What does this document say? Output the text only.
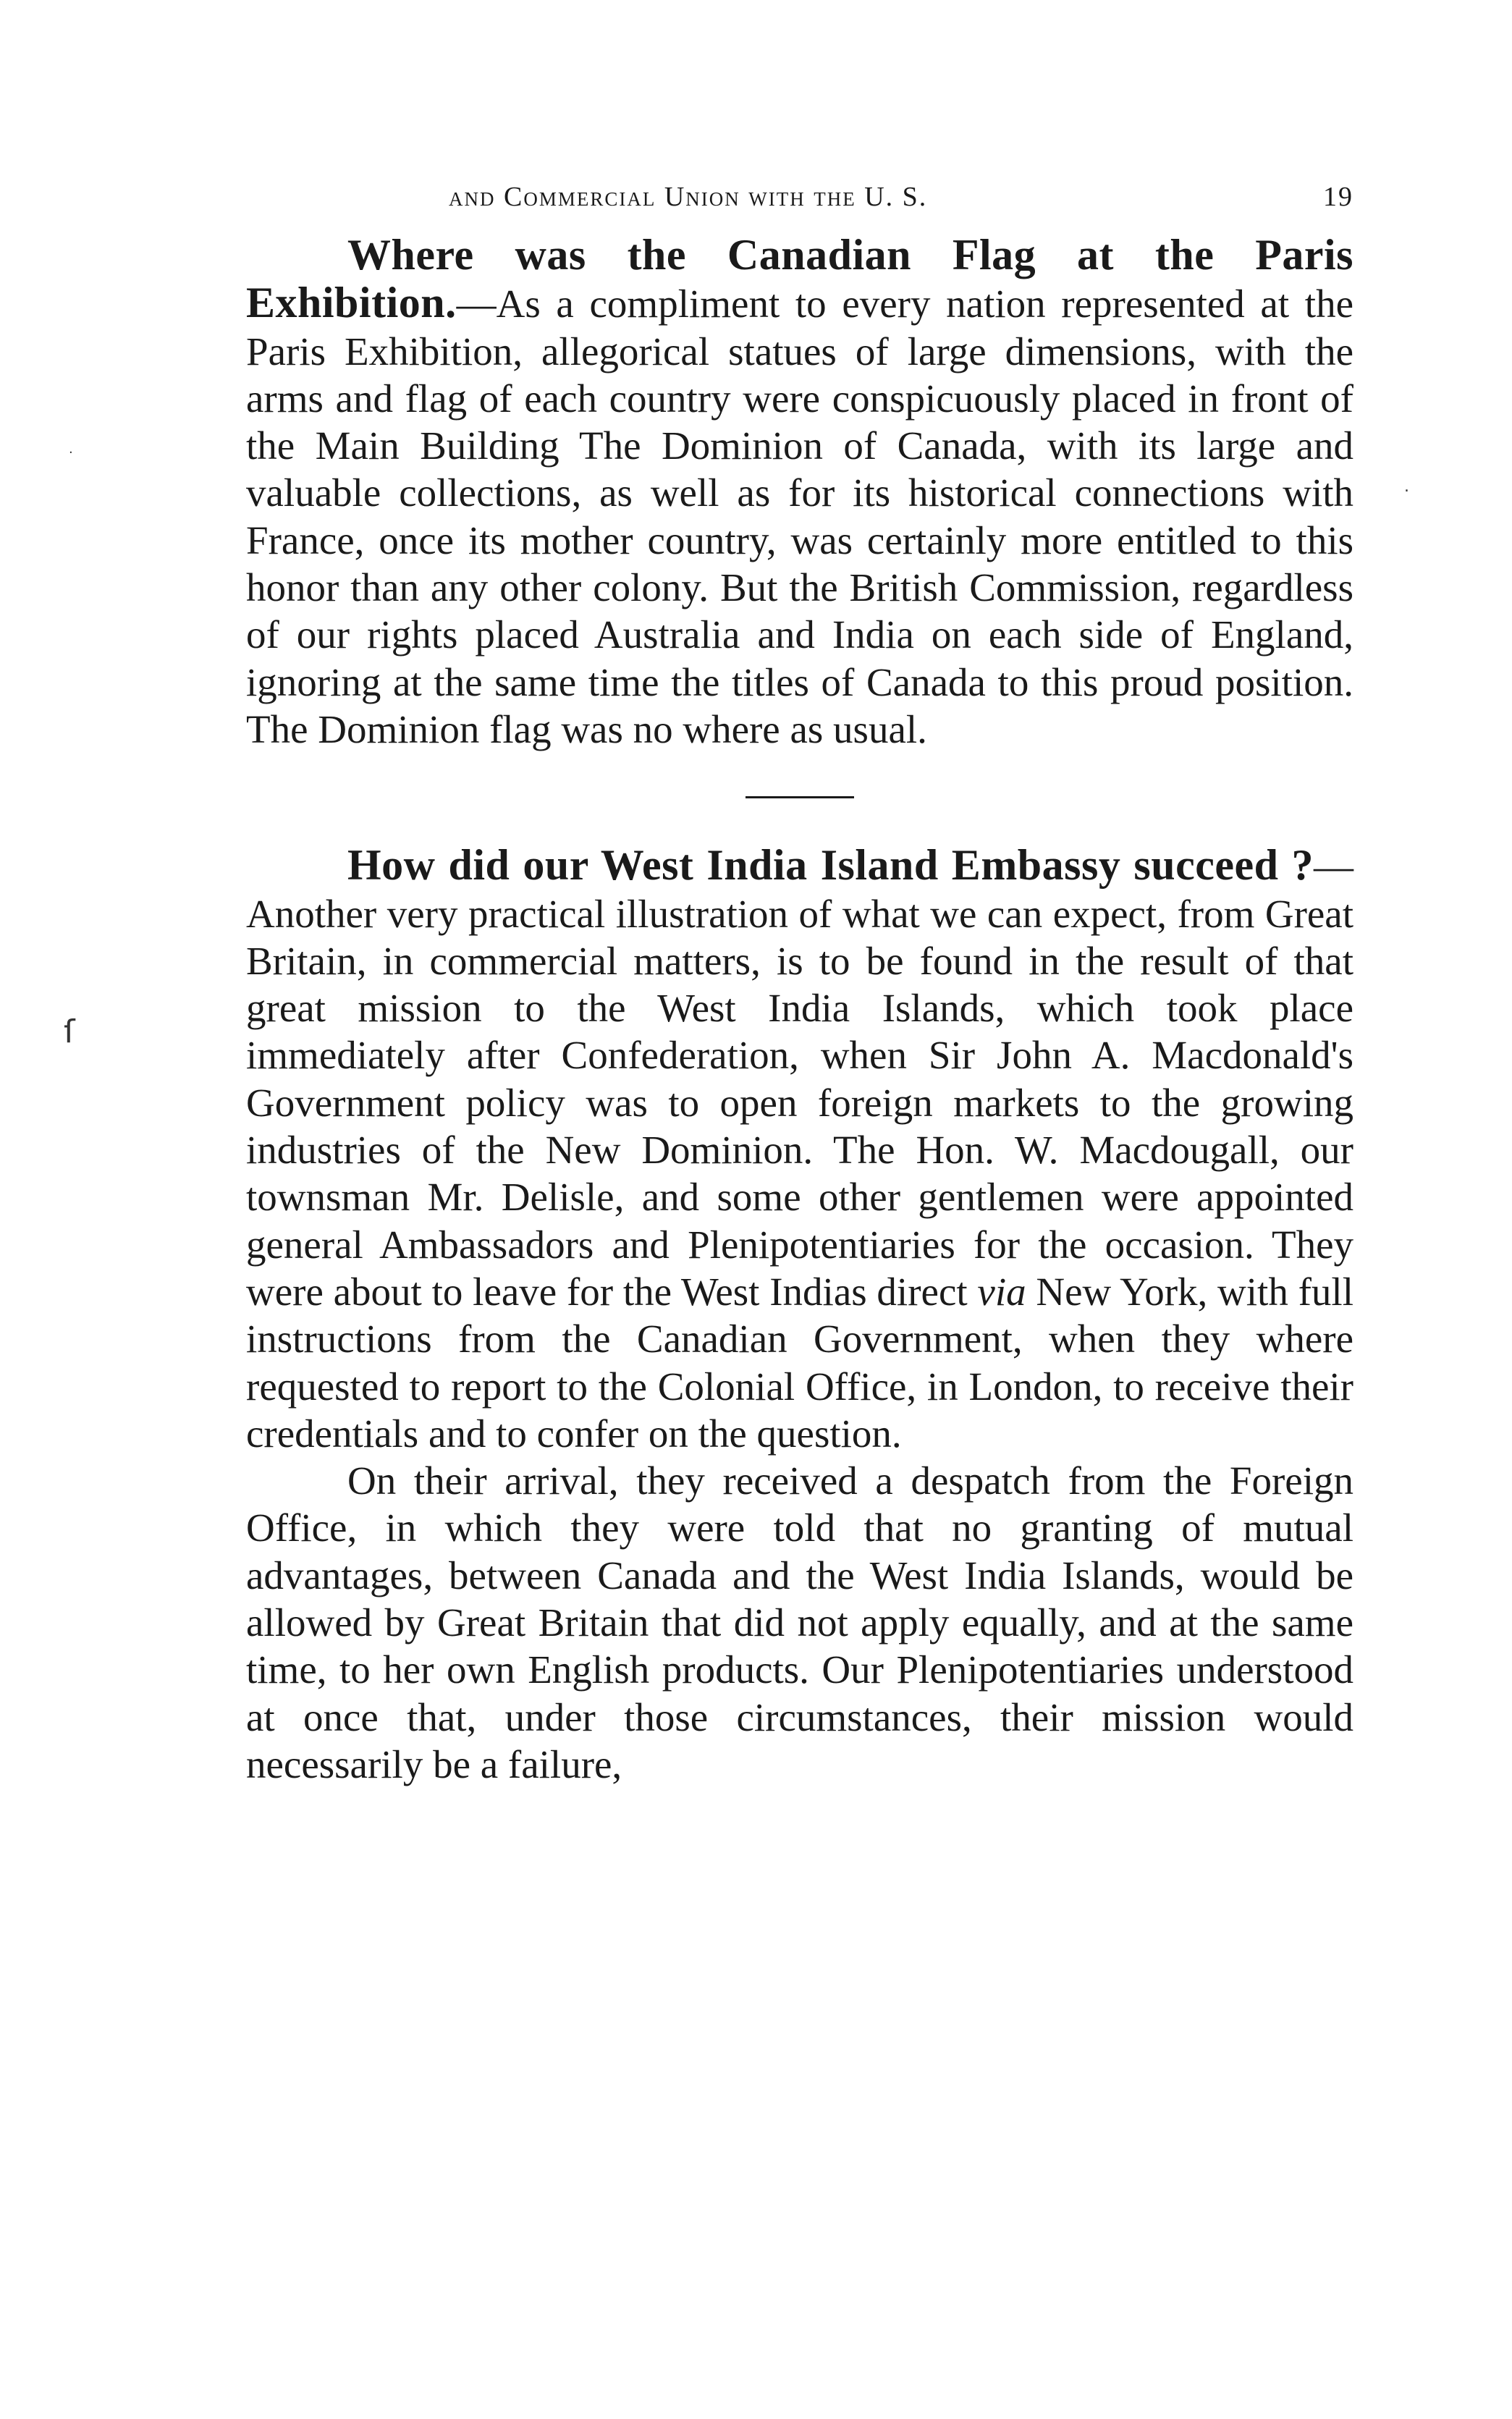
and Commercial Union with the U. S.	19

Where was the Canadian Flag at the Paris Exhibition.—As a compliment to every nation represented at the Paris Exhibition, allegorical statues of large dimensions, with the arms and flag of each country were conspicuously placed in front of the Main Building The Dominion of Canada, with its large and valuable collections, as well as for its historical connections with France, once its mother country, was certainly more entitled to this honor than any other colony. But the British Commission, regardless of our rights placed Australia and India on each side of England, ignoring at the same time the titles of Canada to this proud position. The Dominion flag was no where as usual.

How did our West India Island Embassy succeed ?—Another very practical illustration of what we can expect, from Great Britain, in commercial matters, is to be found in the result of that great mission to the West India Islands, which took place immediately after Confederation, when Sir John A. Macdonald's Government policy was to open foreign markets to the growing industries of the New Dominion. The Hon. W. Macdougall, our townsman Mr. Delisle, and some other gentlemen were appointed general Ambassadors and Plenipotentiaries for the occasion. They were about to leave for the West Indias direct via New York, with full instructions from the Canadian Government, when they where requested to report to the Colonial Office, in London, to receive their credentials and to confer on the question.

On their arrival, they received a despatch from the Foreign Office, in which they were told that no granting of mutual advantages, between Canada and the West India Islands, would be allowed by Great Britain that did not apply equally, and at the same time, to her own English products. Our Plenipotentiaries understood at once that, under those circumstances, their mission would necessarily be a failure,

.
ſ
.
